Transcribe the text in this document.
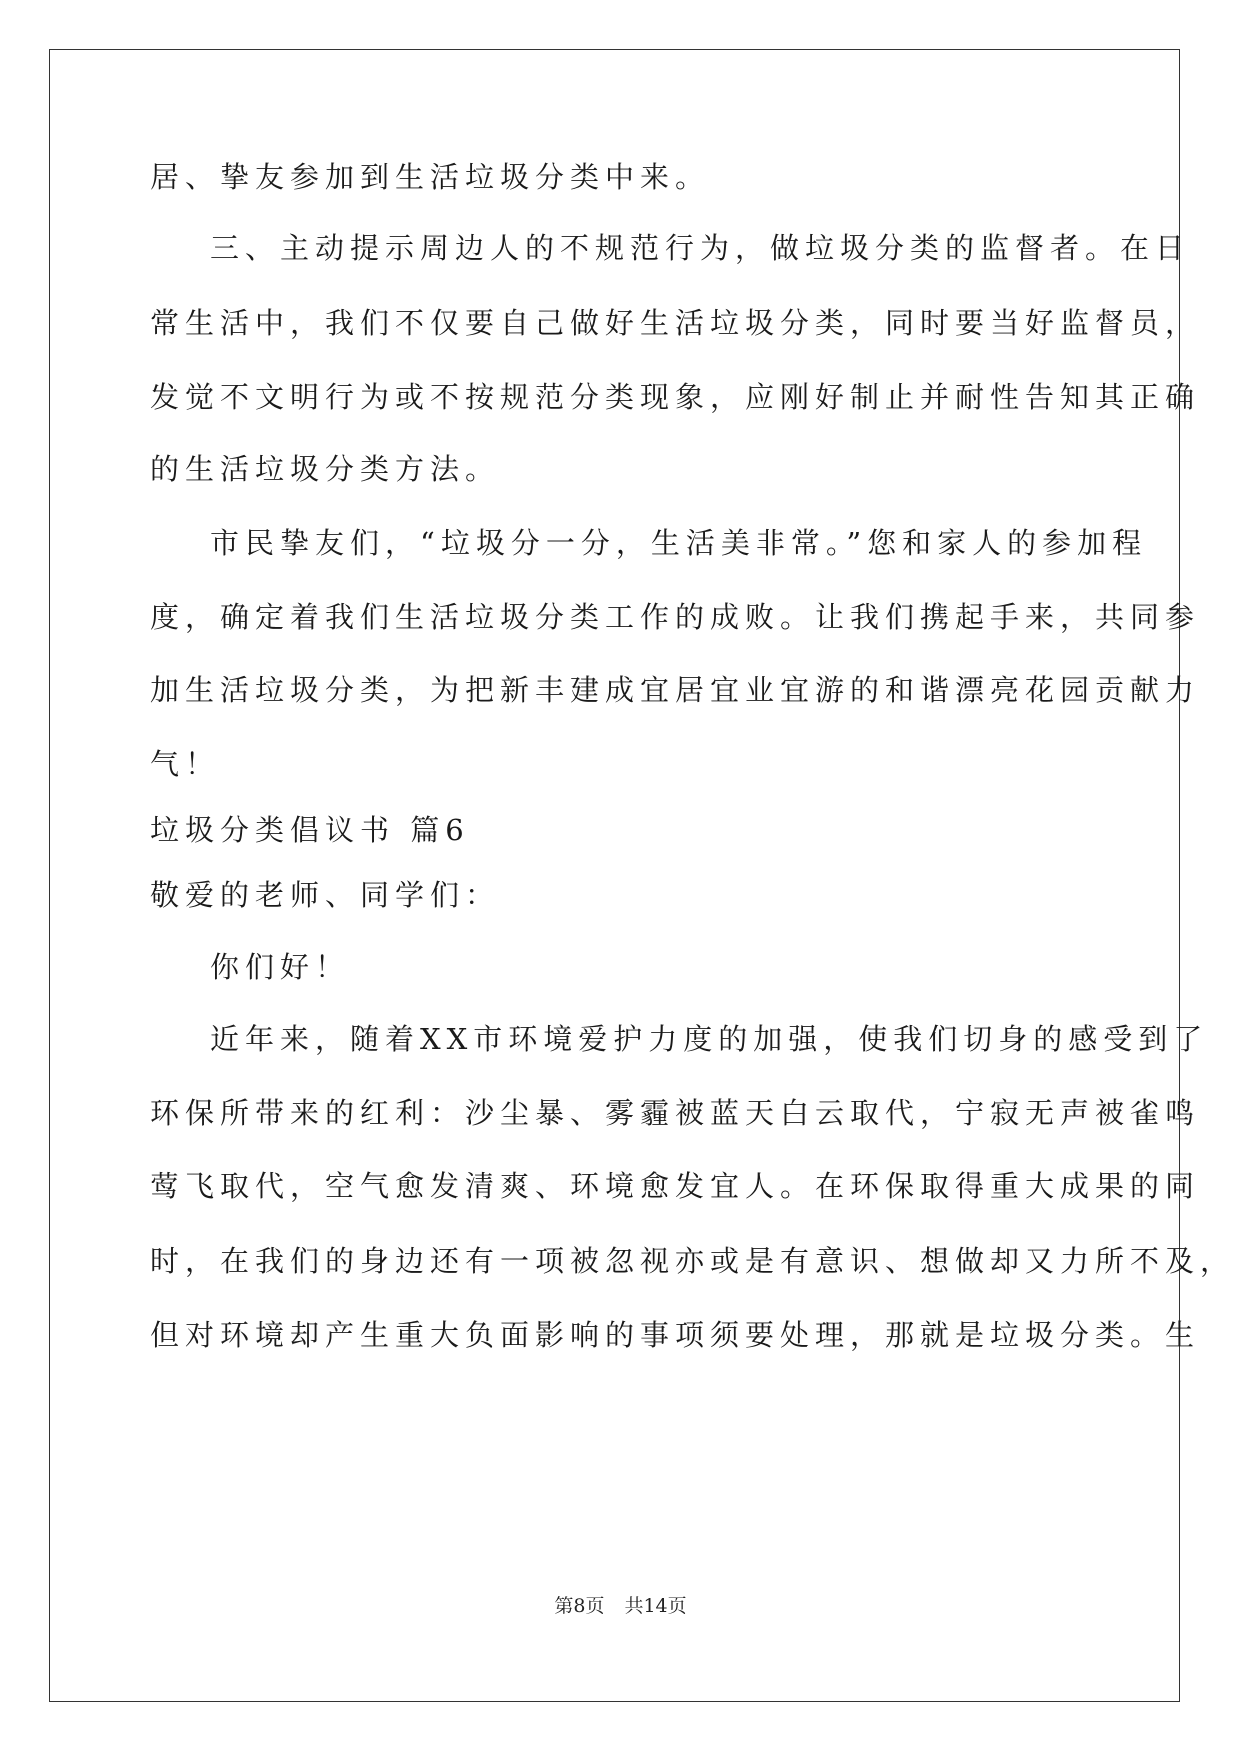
居、挚友参加到生活垃圾分类中来。
三、主动提示周边人的不规范行为，做垃圾分类的监督者。在日
常生活中，我们不仅要自己做好生活垃圾分类，同时要当好监督员，
发觉不文明行为或不按规范分类现象，应刚好制止并耐性告知其正确
的生活垃圾分类方法。
市民挚友们，“垃圾分一分，生活美非常。”您和家人的参加程
度，确定着我们生活垃圾分类工作的成败。让我们携起手来，共同参
加生活垃圾分类，为把新丰建成宜居宜业宜游的和谐漂亮花园贡献力
气！
垃圾分类倡议书 篇6
敬爱的老师、同学们：
你们好！
近年来，随着XX市环境爱护力度的加强，使我们切身的感受到了
环保所带来的红利：沙尘暴、雾霾被蓝天白云取代，宁寂无声被雀鸣
莺飞取代，空气愈发清爽、环境愈发宜人。在环保取得重大成果的同
时，在我们的身边还有一项被忽视亦或是有意识、想做却又力所不及，
但对环境却产生重大负面影响的事项须要处理，那就是垃圾分类。生
第8页 共14页
